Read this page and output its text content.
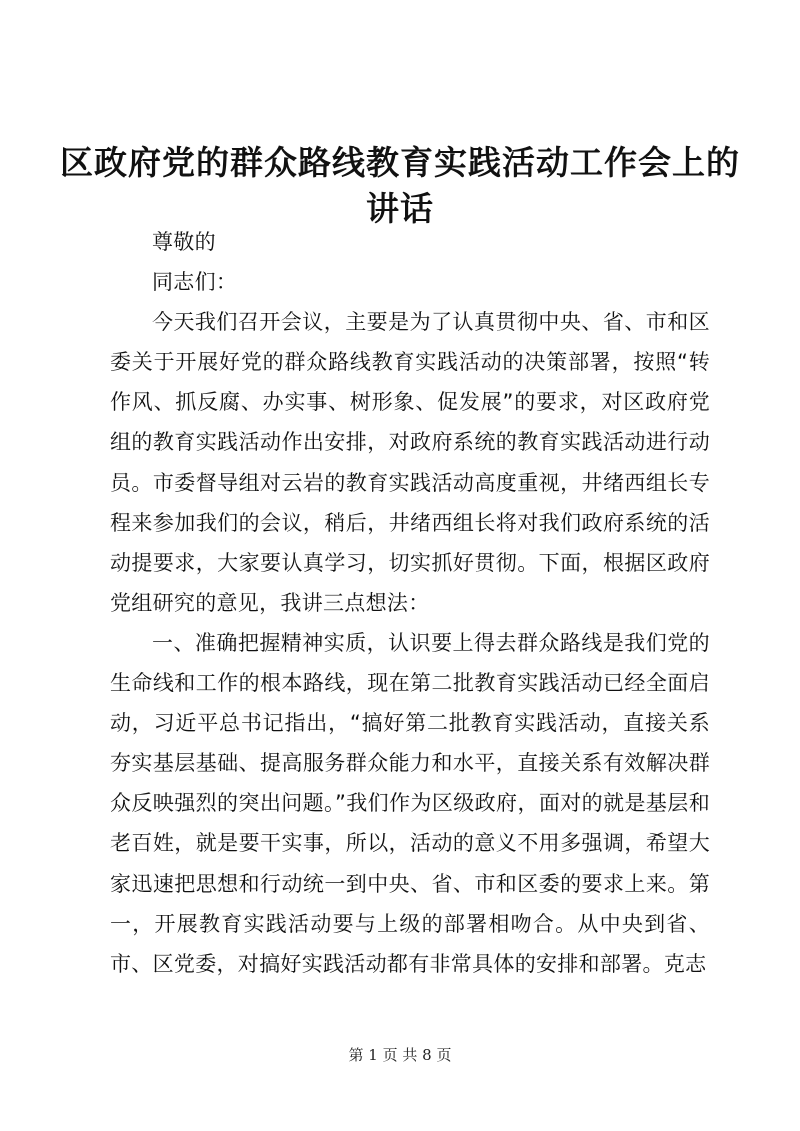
区政府党的群众路线教育实践活动工作会上的
讲话

尊敬的

同志们：

今天我们召开会议，主要是为了认真贯彻中央、省、市和区委关于开展好党的群众路线教育实践活动的决策部署，按照“转作风、抓反腐、办实事、树形象、促发展”的要求，对区政府党组的教育实践活动作出安排，对政府系统的教育实践活动进行动员。市委督导组对云岩的教育实践活动高度重视，井绪西组长专程来参加我们的会议，稍后，井绪西组长将对我们政府系统的活动提要求，大家要认真学习，切实抓好贯彻。下面，根据区政府党组研究的意见，我讲三点想法：

一、准确把握精神实质，认识要上得去群众路线是我们党的生命线和工作的根本路线，现在第二批教育实践活动已经全面启动，习近平总书记指出，“搞好第二批教育实践活动，直接关系夯实基层基础、提高服务群众能力和水平，直接关系有效解决群众反映强烈的突出问题。”我们作为区级政府，面对的就是基层和老百姓，就是要干实事，所以，活动的意义不用多强调，希望大家迅速把思想和行动统一到中央、省、市和区委的要求上来。第一，开展教育实践活动要与上级的部署相吻合。从中央到省、市、区党委，对搞好实践活动都有非常具体的安排和部署。克志

第 1 页 共 8 页
